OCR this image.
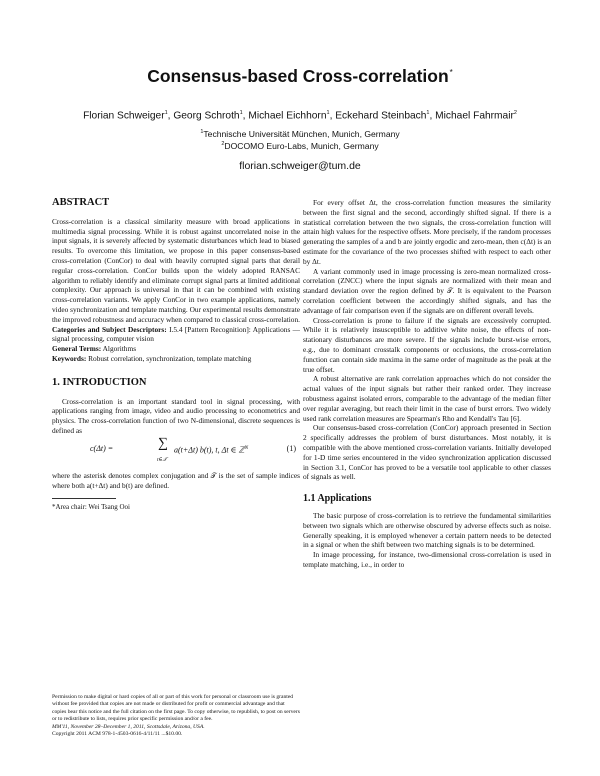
Consensus-based Cross-correlation*
Florian Schweiger$^1$, Georg Schroth$^1$, Michael Eichhorn$^1$, Eckehard Steinbach$^1$, Michael Fahrmair$^2$
$^1$Technische Universität München, Munich, Germany
$^2$DOCOMO Euro-Labs, Munich, Germany
florian.schweiger@tum.de
ABSTRACT

Cross-correlation is a classical similarity measure with broad applications in multimedia signal processing. While it is robust against uncorrelated noise in the input signals, it is severely affected by systematic disturbances which lead to biased results. To overcome this limitation, we propose in this paper consensus-based cross-correlation (ConCor) to deal with heavily corrupted signal parts that derail regular cross-correlation. ConCor builds upon the widely adopted RANSAC algorithm to reliably identify and eliminate corrupt signal parts at limited additional complexity. Our approach is universal in that it can be combined with existing cross-correlation variants. We apply ConCor in two example applications, namely video synchronization and template matching. Our experimental results demonstrate the improved robustness and accuracy when compared to classical cross-correlation.

Categories and Subject Descriptors: I.5.4 [Pattern Recognition]: Applications — signal processing, computer vision

General Terms: Algorithms

Keywords: Robust correlation, synchronization, template matching

1. INTRODUCTION

Cross-correlation is an important standard tool in signal processing, with applications ranging from image, video and audio processing to econometrics and physics. The cross-correlation function of two N-dimensional, discrete sequences is defined as

c(Δt) =	∑
t∈𝒯
a(t+Δt) b(t), t, Δt ∈ ℤ$^N$	(1)

where the asterisk denotes complex conjugation and 𝒯 is the set of sample indices where both a(t+Δt) and b(t) are defined.

*Area chair: Wei Tsang Ooi

Permission to make digital or hard copies of all or part of this work for personal or classroom use is granted without fee provided that copies are not made or distributed for profit or commercial advantage and that copies bear this notice and the full citation on the first page. To copy otherwise, to republish, to post on servers or to redistribute to lists, requires prior specific permission and/or a fee.

MM'11, November 28–December 1, 2011, Scottsdale, Arizona, USA.

Copyright 2011 ACM 978-1-4503-0616-4/11/11 ...$10.00.

For every offset Δt, the cross-correlation function measures the similarity between the first signal and the second, accordingly shifted signal. If there is a statistical correlation between the two signals, the cross-correlation function will attain high values for the respective offsets. More precisely, if the random processes generating the samples of a and b are jointly ergodic and zero-mean, then c(Δt) is an estimate for the covariance of the two processes shifted with respect to each other by Δt.

A variant commonly used in image processing is zero-mean normalized cross-correlation (ZNCC) where the input signals are normalized with their mean and standard deviation over the region defined by 𝒯. It is equivalent to the Pearson correlation coefficient between the accordingly shifted signals, and has the advantage of fair comparison even if the signals are on different overall levels.

Cross-correlation is prone to failure if the signals are excessively corrupted. While it is relatively insusceptible to additive white noise, the effects of non-stationary disturbances are more severe. If the signals include burst-wise errors, e.g., due to dominant crosstalk components or occlusions, the cross-correlation function can contain side maxima in the same order of magnitude as the peak at the true offset.

A robust alternative are rank correlation approaches which do not consider the actual values of the input signals but rather their ranked order. They increase robustness against isolated errors, comparable to the advantage of the median filter over regular averaging, but reach their limit in the case of burst errors. Two widely used rank correlation measures are Spearman's Rho and Kendall's Tau [6].

Our consensus-based cross-correlation (ConCor) approach presented in Section 2 specifically addresses the problem of burst disturbances. Most notably, it is compatible with the above mentioned cross-correlation variants. Initially developed for 1-D time series encountered in the video synchronization application discussed in Section 3.1, ConCor has proved to be a versatile tool applicable to other classes of signals as well.

1.1 Applications

The basic purpose of cross-correlation is to retrieve the fundamental similarities between two signals which are otherwise obscured by adverse effects such as noise. Generally speaking, it is employed whenever a certain pattern needs to be detected in a signal or when the shift between two matching signals is to be determined.

In image processing, for instance, two-dimensional cross-correlation is used in template matching, i.e., in order to
